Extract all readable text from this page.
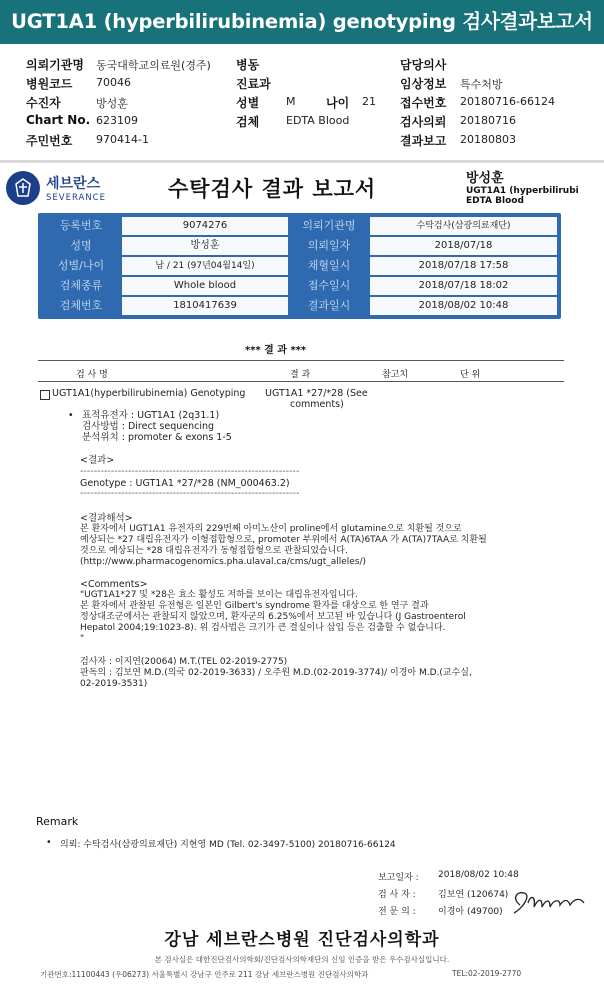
UGT1A1 (hyperbilirubinemia) genotyping 검사결과보고서
의뢰기관명 동국대학교의료원(경주) 병동	담당의사
병원코드 70046	진료과	임상정보 특수처방
수진자	방성훈	성별 M	나이 21 접수번호 20180716-66124
Chart No. 623109	검체 EDTA Blood	검사의뢰 20180716
주민번호 970414-1	결과보고 20180803
세브란스
SEVERANCE	수탁검사 결과 보고서	방성훈
UGT1A1 (hyperbilirubi
EDTA Blood
등록번호	9074276	의뢰기관명	수탁검사(삼광의료재단)
성명	방성훈	의뢰일자	2018/07/18
성별/나이	남 / 21 (97년04월14일)	채혈일시	2018/07/18 17:58
검체종류	Whole blood	접수일시	2018/07/18 18:02
검체번호	1810417639	결과일시	2018/08/02 10:48
*** 결 과 ***
검 사 명	결 과	참고치	단 위
UGT1A1(hyperbilirubinemia) Genotyping UGT1A1 *27/*28 (See
comments)
• 표적유전자 : UGT1A1 (2q31.1)
검사방법 : Direct sequencing
분석위치 : promoter & exons 1-5
<결과>
----------------------------------------------------------------
Genotype : UGT1A1 *27/*28 (NM_000463.2)
----------------------------------------------------------------
<결과해석>
본 환자에서 UGT1A1 유전자의 229번째 아미노산이 proline에서 glutamine으로 치환될 것으로
예상되는 *27 대립유전자가 이형접합형으로, promoter 부위에서 A(TA)6TAA 가 A(TA)7TAA로 치환될
것으로 예상되는 *28 대립유전자가 동형접합형으로 관찰되었습니다.
(http://www.pharmacogenomics.pha.ulaval.ca/cms/ugt_alleles/)
<Comments>
"UGT1A1*27 및 *28은 효소 활성도 저하를 보이는 대립유전자입니다.
본 환자에서 관찰된 유전형은 일본인 Gilbert's syndrome 환자를 대상으로 한 연구 결과
정상대조군에서는 관찰되지 않았으며, 환자군의 6.25%에서 보고된 바 있습니다 (J Gastroenterol
Hepatol 2004;19:1023-8). 위 검사법은 크기가 큰 결실이나 삽입 등은 검출할 수 없습니다.
"
검사자 : 이지연(20064) M.T.(TEL 02-2019-2775)
판독의 : 김보연 M.D.(의국 02-2019-3633) / 오주원 M.D.(02-2019-3774)/ 이경아 M.D.(교수실,
02-2019-3531)
Remark
• 의뢰: 수탁검사(삼광의료재단) 지현영 MD (Tel. 02-3497-5100) 20180716-66124
보고일자 : 2018/08/02 10:48
검 사 자 : 김보연 (120674)
전 문 의 : 이경아 (49700)
강남 세브란스병원 진단검사의학과
본 검사실은 대한진단검사의학회/진단검사의학재단의 신임 인증을 받은 우수검사실입니다.
기관번호:11100443 (우06273) 서울특별시 강남구 언주로 211 강남 세브란스병원 진단검사의학과	TEL:02-2019-2770
